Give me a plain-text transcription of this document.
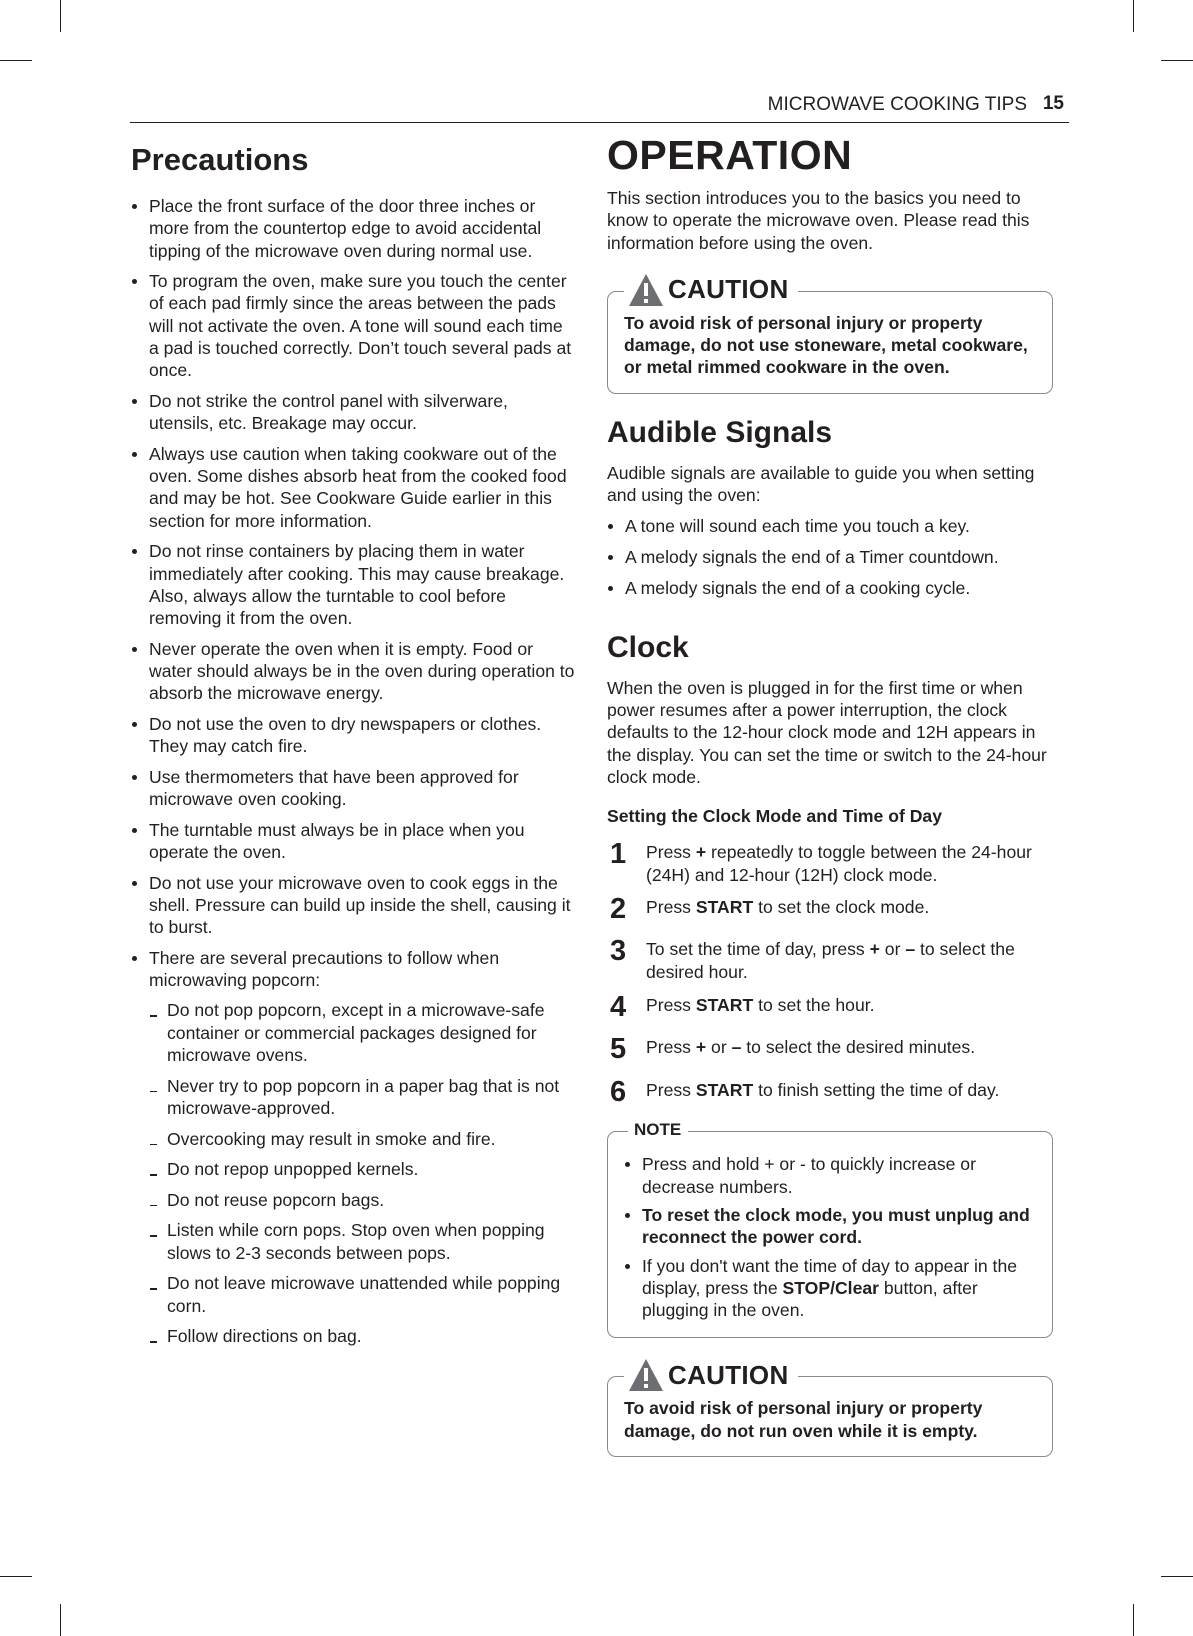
MICROWAVE COOKING TIPS 15
Precautions
Place the front surface of the door three inches or more from the countertop edge to avoid accidental tipping of the microwave oven during normal use.
To program the oven, make sure you touch the center of each pad firmly since the areas between the pads will not activate the oven. A tone will sound each time a pad is touched correctly. Don’t touch several pads at once.
Do not strike the control panel with silverware, utensils, etc. Breakage may occur.
Always use caution when taking cookware out of the oven. Some dishes absorb heat from the cooked food and may be hot. See Cookware Guide earlier in this section for more information.
Do not rinse containers by placing them in water immediately after cooking. This may cause breakage. Also, always allow the turntable to cool before removing it from the oven.
Never operate the oven when it is empty. Food or water should always be in the oven during operation to absorb the microwave energy.
Do not use the oven to dry newspapers or clothes. They may catch fire.
Use thermometers that have been approved for microwave oven cooking.
The turntable must always be in place when you operate the oven.
Do not use your microwave oven to cook eggs in the shell. Pressure can build up inside the shell, causing it to burst.
There are several precautions to follow when microwaving popcorn:
Do not pop popcorn, except in a microwave-safe container or commercial packages designed for microwave ovens.
Never try to pop popcorn in a paper bag that is not microwave-approved.
Overcooking may result in smoke and fire.
Do not repop unpopped kernels.
Do not reuse popcorn bags.
Listen while corn pops. Stop oven when popping slows to 2-3 seconds between pops.
Do not leave microwave unattended while popping corn.
Follow directions on bag.
OPERATION

This section introduces you to the basics you need to know to operate the microwave oven. Please read this information before using the oven.

CAUTION
To avoid risk of personal injury or property damage, do not use stoneware, metal cookware, or metal rimmed cookware in the oven.
Audible Signals

Audible signals are available to guide you when setting and using the oven:

A tone will sound each time you touch a key.
A melody signals the end of a Timer countdown.
A melody signals the end of a cooking cycle.
Clock

When the oven is plugged in for the first time or when power resumes after a power interruption, the clock defaults to the 12-hour clock mode and 12H appears in the display. You can set the time or switch to the 24-hour clock mode.

Setting the Clock Mode and Time of Day
1 Press + repeatedly to toggle between the 24-hour (24H) and 12-hour (12H) clock mode.
2 Press START to set the clock mode.
3 To set the time of day, press + or – to select the desired hour.
4 Press START to set the hour.
5 Press + or – to select the desired minutes.
6 Press START to finish setting the time of day.
NOTE
Press and hold + or - to quickly increase or decrease numbers.
To reset the clock mode, you must unplug and reconnect the power cord.
If you don't want the time of day to appear in the display, press the STOP/Clear button, after plugging in the oven.
CAUTION
To avoid risk of personal injury or property damage, do not run oven while it is empty.
